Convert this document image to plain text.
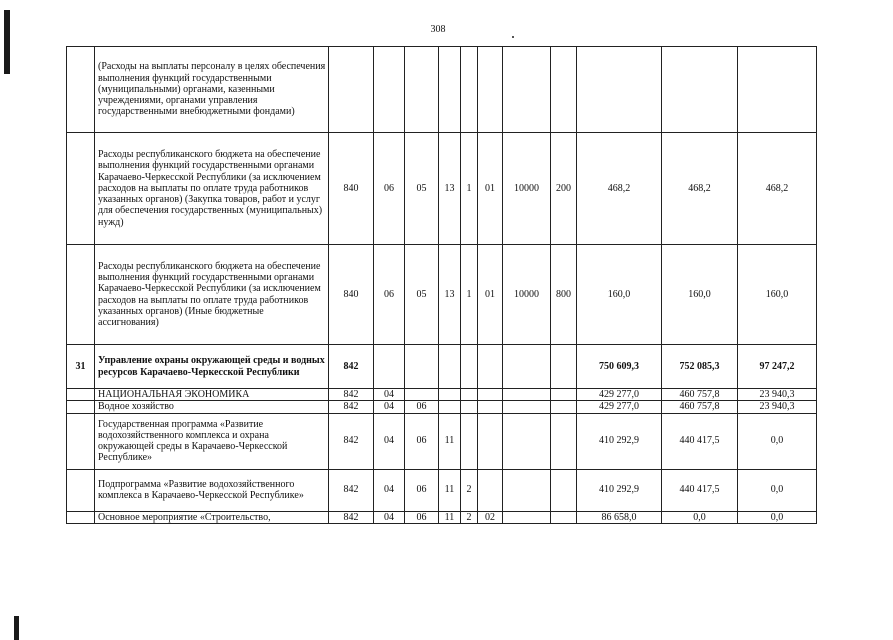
308
	(Расходы на выплаты персоналу в целях обеспечения выполнения функций государственными (муниципальными) органами, казенными учреждениями, органами управления государственными внебюджетными фондами)											
	Расходы республиканского бюджета на обеспечение выполнения функций государственными органами Карачаево-Черкесской Республики (за исключением расходов на выплаты по оплате труда работников указанных органов) (Закупка товаров, работ и услуг для обеспечения государственных (муниципальных) нужд)	840	06	05	13	1	01	10000	200	468,2	468,2	468,2
	Расходы республиканского бюджета на обеспечение выполнения функций государственными органами Карачаево-Черкесской Республики (за исключением расходов на выплаты по оплате труда работников указанных органов) (Иные бюджетные ассигнования)	840	06	05	13	1	01	10000	800	160,0	160,0	160,0
31	Управление охраны окружающей среды и водных ресурсов Карачаево-Черкесской Республики	842								750 609,3	752 085,3	97 247,2
	НАЦИОНАЛЬНАЯ ЭКОНОМИКА	842	04							429 277,0	460 757,8	23 940,3
	Водное хозяйство	842	04	06						429 277,0	460 757,8	23 940,3
	Государственная программа «Развитие водохозяйственного комплекса и охрана окружающей среды в Карачаево-Черкесской Республике»	842	04	06	11					410 292,9	440 417,5	0,0
	Подпрограмма «Развитие водохозяйственного комплекса в Карачаево-Черкесской Республике»	842	04	06	11	2				410 292,9	440 417,5	0,0
	Основное мероприятие «Строительство,	842	04	06	11	2	02			86 658,0	0,0	0,0
